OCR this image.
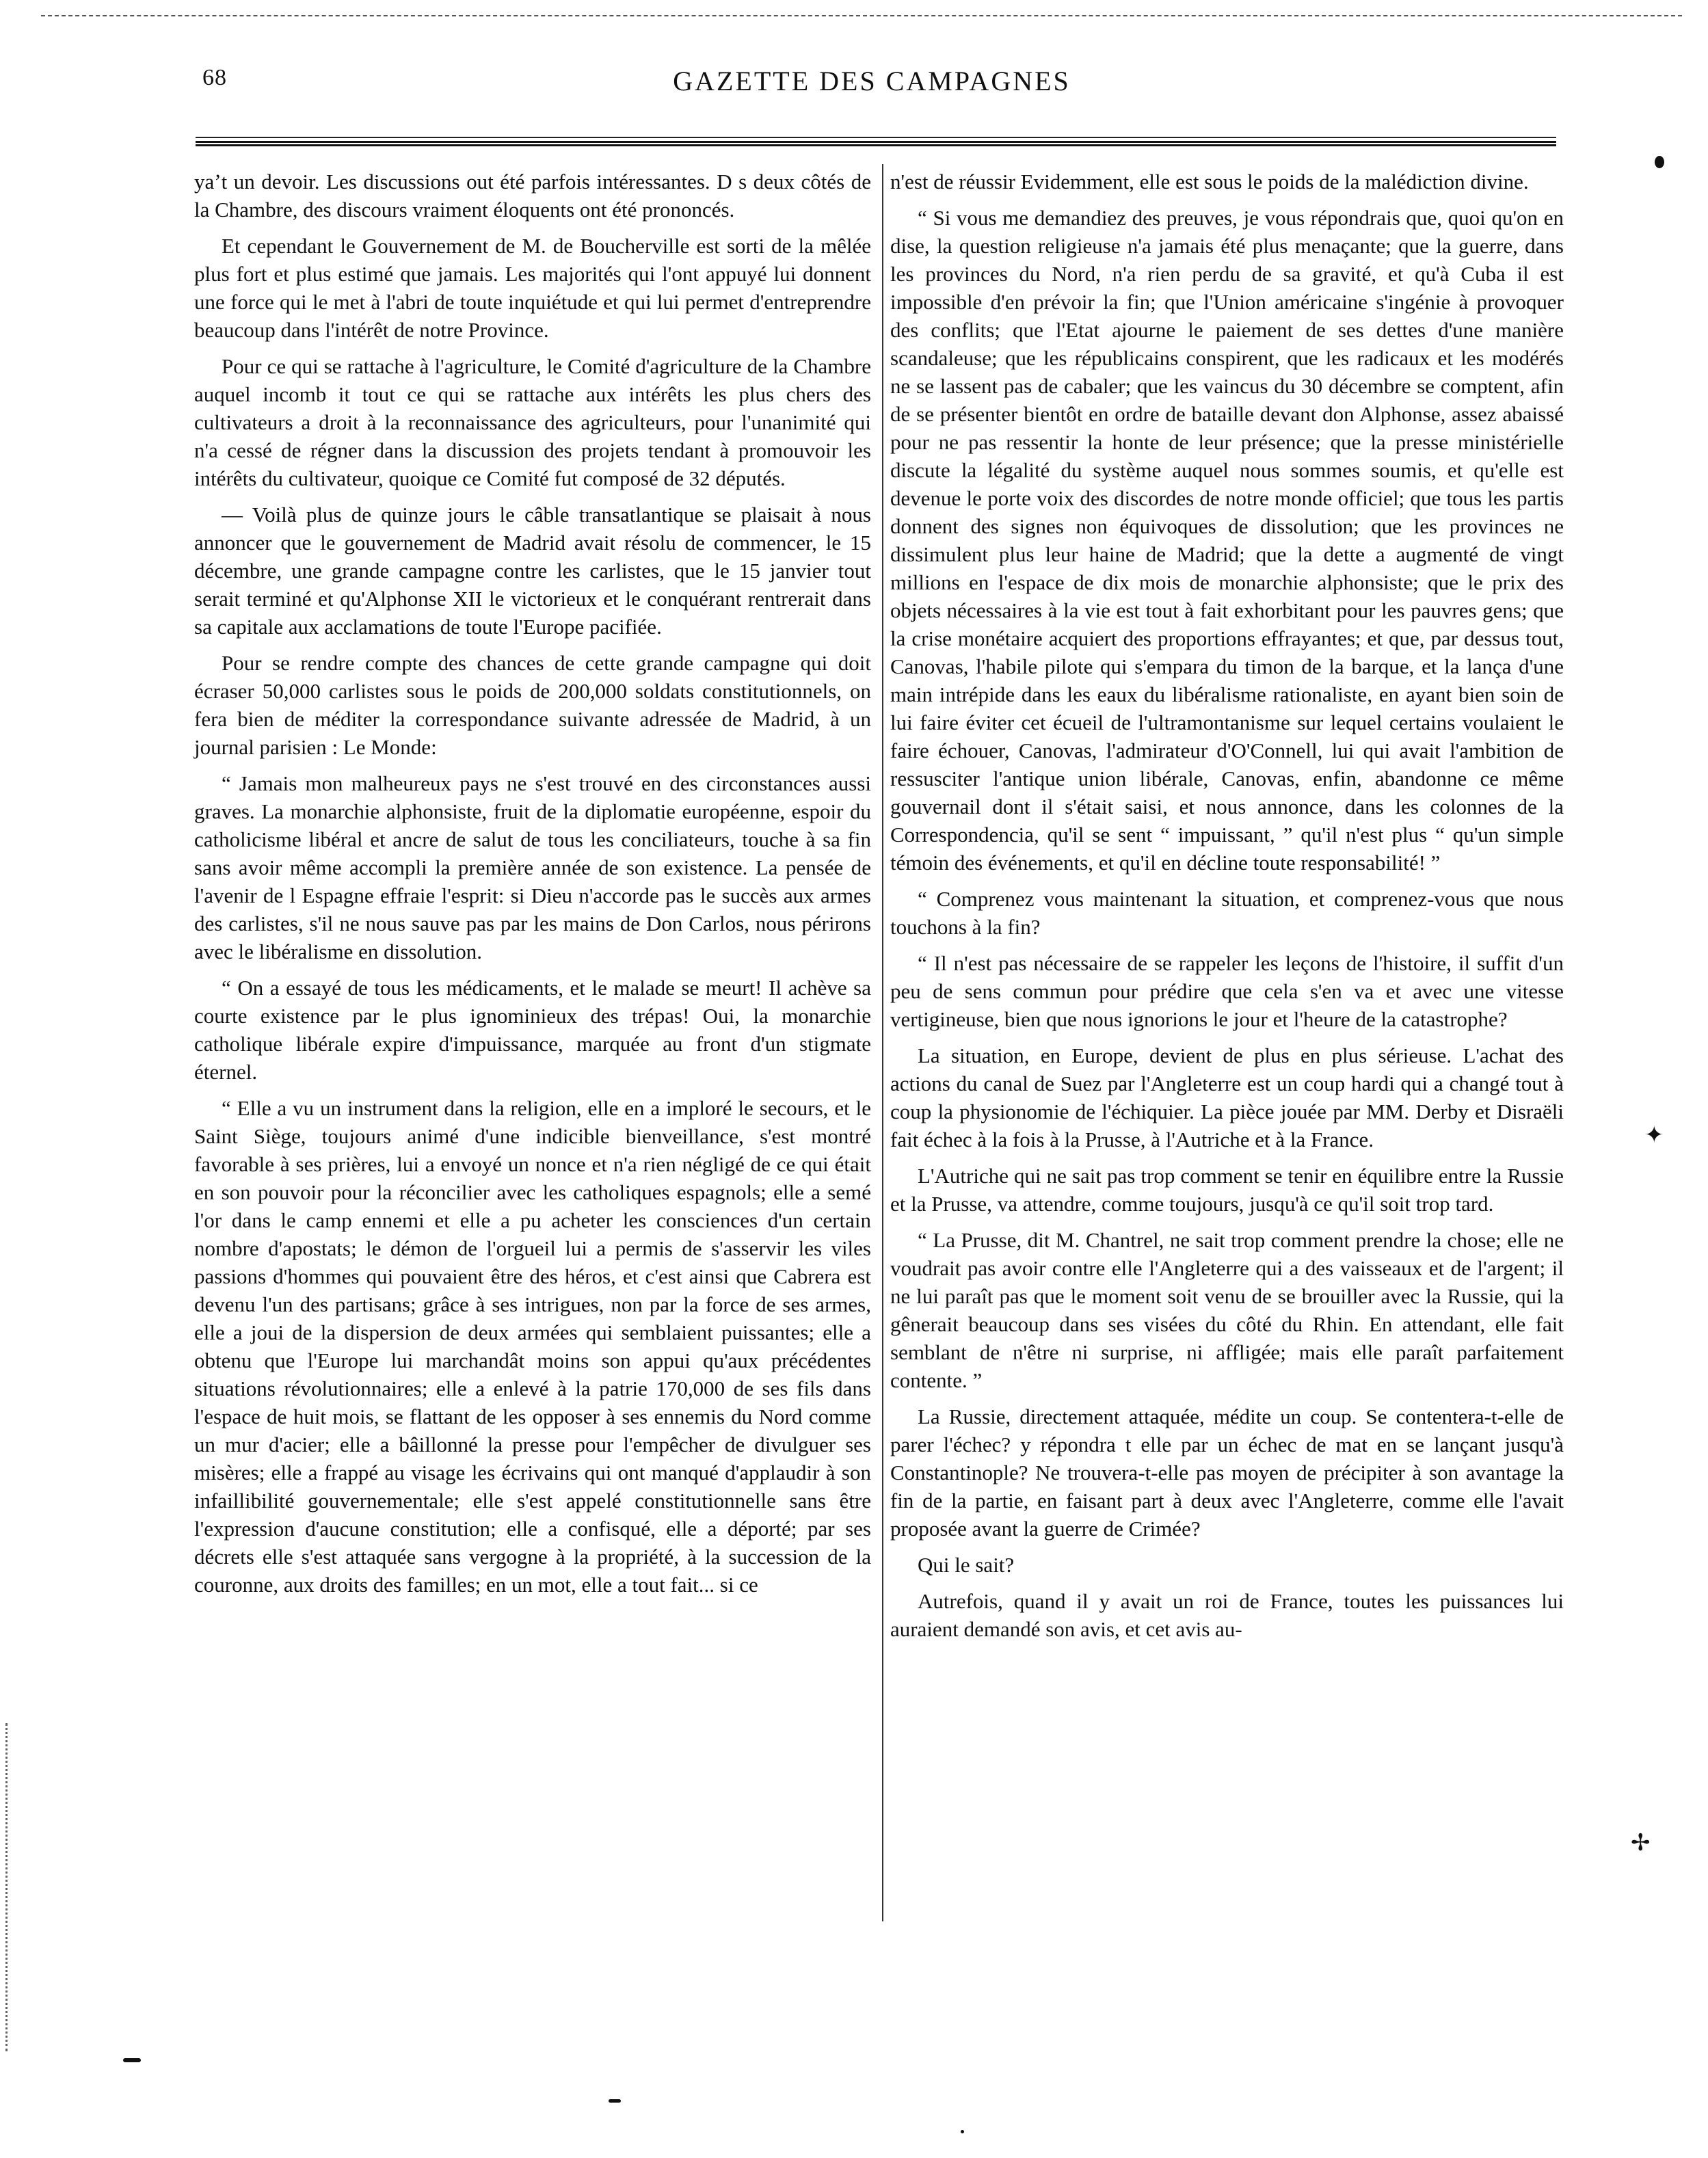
68	GAZETTE DES CAMPAGNES

yaʼt un devoir. Les discussions out été parfois intéressantes. D s deux côtés de la Chambre, des discours vraiment éloquents ont été prononcés.

Et cependant le Gouvernement de M. de Boucherville est sorti de la mêlée plus fort et plus estimé que jamais. Les majorités qui l'ont appuyé lui donnent une force qui le met à l'abri de toute inquiétude et qui lui permet d'entreprendre beaucoup dans l'intérêt de notre Province.

Pour ce qui se rattache à l'agriculture, le Comité d'agriculture de la Chambre auquel incomb it tout ce qui se rattache aux intérêts les plus chers des cultivateurs a droit à la reconnaissance des agriculteurs, pour l'unanimité qui n'a cessé de régner dans la discussion des projets tendant à promouvoir les intérêts du cultivateur, quoique ce Comité fut composé de 32 députés.

— Voilà plus de quinze jours le câble transatlantique se plaisait à nous annoncer que le gouvernement de Madrid avait résolu de commencer, le 15 décembre, une grande campagne contre les carlistes, que le 15 janvier tout serait terminé et qu'Alphonse XII le victorieux et le conquérant rentrerait dans sa capitale aux acclamations de toute l'Europe pacifiée.

Pour se rendre compte des chances de cette grande campagne qui doit écraser 50,000 carlistes sous le poids de 200,000 soldats constitutionnels, on fera bien de méditer la correspondance suivante adressée de Madrid, à un journal parisien : Le Monde:

“ Jamais mon malheureux pays ne s'est trouvé en des circonstances aussi graves. La monarchie alphonsiste, fruit de la diplomatie européenne, espoir du catholicisme libéral et ancre de salut de tous les conciliateurs, touche à sa fin sans avoir même accompli la première année de son existence. La pensée de l'avenir de l Espagne effraie l'esprit: si Dieu n'accorde pas le succès aux armes des carlistes, s'il ne nous sauve pas par les mains de Don Carlos, nous périrons avec le libéralisme en dissolution.

“ On a essayé de tous les médicaments, et le malade se meurt! Il achève sa courte existence par le plus ignominieux des trépas! Oui, la monarchie catholique libérale expire d'impuissance, marquée au front d'un stigmate éternel.

“ Elle a vu un instrument dans la religion, elle en a imploré le secours, et le Saint Siège, toujours animé d'une indicible bienveillance, s'est montré favorable à ses prières, lui a envoyé un nonce et n'a rien négligé de ce qui était en son pouvoir pour la réconcilier avec les catholiques espagnols; elle a semé l'or dans le camp ennemi et elle a pu acheter les consciences d'un certain nombre d'apostats; le démon de l'orgueil lui a permis de s'asservir les viles passions d'hommes qui pouvaient être des héros, et c'est ainsi que Cabrera est devenu l'un des partisans; grâce à ses intrigues, non par la force de ses armes, elle a joui de la dispersion de deux armées qui semblaient puissantes; elle a obtenu que l'Europe lui marchandât moins son appui qu'aux précédentes situations révolutionnaires; elle a enlevé à la patrie 170,000 de ses fils dans l'espace de huit mois, se flattant de les opposer à ses ennemis du Nord comme un mur d'acier; elle a bâillonné la presse pour l'empêcher de divulguer ses misères; elle a frappé au visage les écrivains qui ont manqué d'applaudir à son infaillibilité gouvernementale; elle s'est appelé constitutionnelle sans être l'expression d'aucune constitution; elle a confisqué, elle a déporté; par ses décrets elle s'est attaquée sans vergogne à la propriété, à la succession de la couronne, aux droits des familles; en un mot, elle a tout fait... si ce

n'est de réussir Evidemment, elle est sous le poids de la malédiction divine.

“ Si vous me demandiez des preuves, je vous répondrais que, quoi qu'on en dise, la question religieuse n'a jamais été plus menaçante; que la guerre, dans les provinces du Nord, n'a rien perdu de sa gravité, et qu'à Cuba il est impossible d'en prévoir la fin; que l'Union américaine s'ingénie à provoquer des conflits; que l'Etat ajourne le paiement de ses dettes d'une manière scandaleuse; que les républicains conspirent, que les radicaux et les modérés ne se lassent pas de cabaler; que les vaincus du 30 décembre se comptent, afin de se présenter bientôt en ordre de bataille devant don Alphonse, assez abaissé pour ne pas ressentir la honte de leur présence; que la presse ministérielle discute la légalité du système auquel nous sommes soumis, et qu'elle est devenue le porte voix des discordes de notre monde officiel; que tous les partis donnent des signes non équivoques de dissolution; que les provinces ne dissimulent plus leur haine de Madrid; que la dette a augmenté de vingt millions en l'espace de dix mois de monarchie alphonsiste; que le prix des objets nécessaires à la vie est tout à fait exhorbitant pour les pauvres gens; que la crise monétaire acquiert des proportions effrayantes; et que, par dessus tout, Canovas, l'habile pilote qui s'empara du timon de la barque, et la lança d'une main intrépide dans les eaux du libéralisme rationaliste, en ayant bien soin de lui faire éviter cet écueil de l'ultramontanisme sur lequel certains voulaient le faire échouer, Canovas, l'admirateur d'O'Connell, lui qui avait l'ambition de ressusciter l'antique union libérale, Canovas, enfin, abandonne ce même gouvernail dont il s'était saisi, et nous annonce, dans les colonnes de la Correspondencia, qu'il se sent “ impuissant, ” qu'il n'est plus “ qu'un simple témoin des événements, et qu'il en décline toute responsabilité! ”

“ Comprenez vous maintenant la situation, et comprenez-vous que nous touchons à la fin?

“ Il n'est pas nécessaire de se rappeler les leçons de l'histoire, il suffit d'un peu de sens commun pour prédire que cela s'en va et avec une vitesse vertigineuse, bien que nous ignorions le jour et l'heure de la catastrophe?

La situation, en Europe, devient de plus en plus sérieuse. L'achat des actions du canal de Suez par l'Angleterre est un coup hardi qui a changé tout à coup la physionomie de l'échiquier. La pièce jouée par MM. Derby et Disraëli fait échec à la fois à la Prusse, à l'Autriche et à la France.

L'Autriche qui ne sait pas trop comment se tenir en équilibre entre la Russie et la Prusse, va attendre, comme toujours, jusqu'à ce qu'il soit trop tard.

“ La Prusse, dit M. Chantrel, ne sait trop comment prendre la chose; elle ne voudrait pas avoir contre elle l'Angleterre qui a des vaisseaux et de l'argent; il ne lui paraît pas que le moment soit venu de se brouiller avec la Russie, qui la gênerait beaucoup dans ses visées du côté du Rhin. En attendant, elle fait semblant de n'être ni surprise, ni affligée; mais elle paraît parfaitement contente. ”

La Russie, directement attaquée, médite un coup. Se contentera-t-elle de parer l'échec? y répondra t elle par un échec de mat en se lançant jusqu'à Constantinople? Ne trouvera-t-elle pas moyen de précipiter à son avantage la fin de la partie, en faisant part à deux avec l'Angleterre, comme elle l'avait proposée avant la guerre de Crimée?

Qui le sait?

Autrefois, quand il y avait un roi de France, toutes les puissances lui auraient demandé son avis, et cet avis au-

✦
✢
